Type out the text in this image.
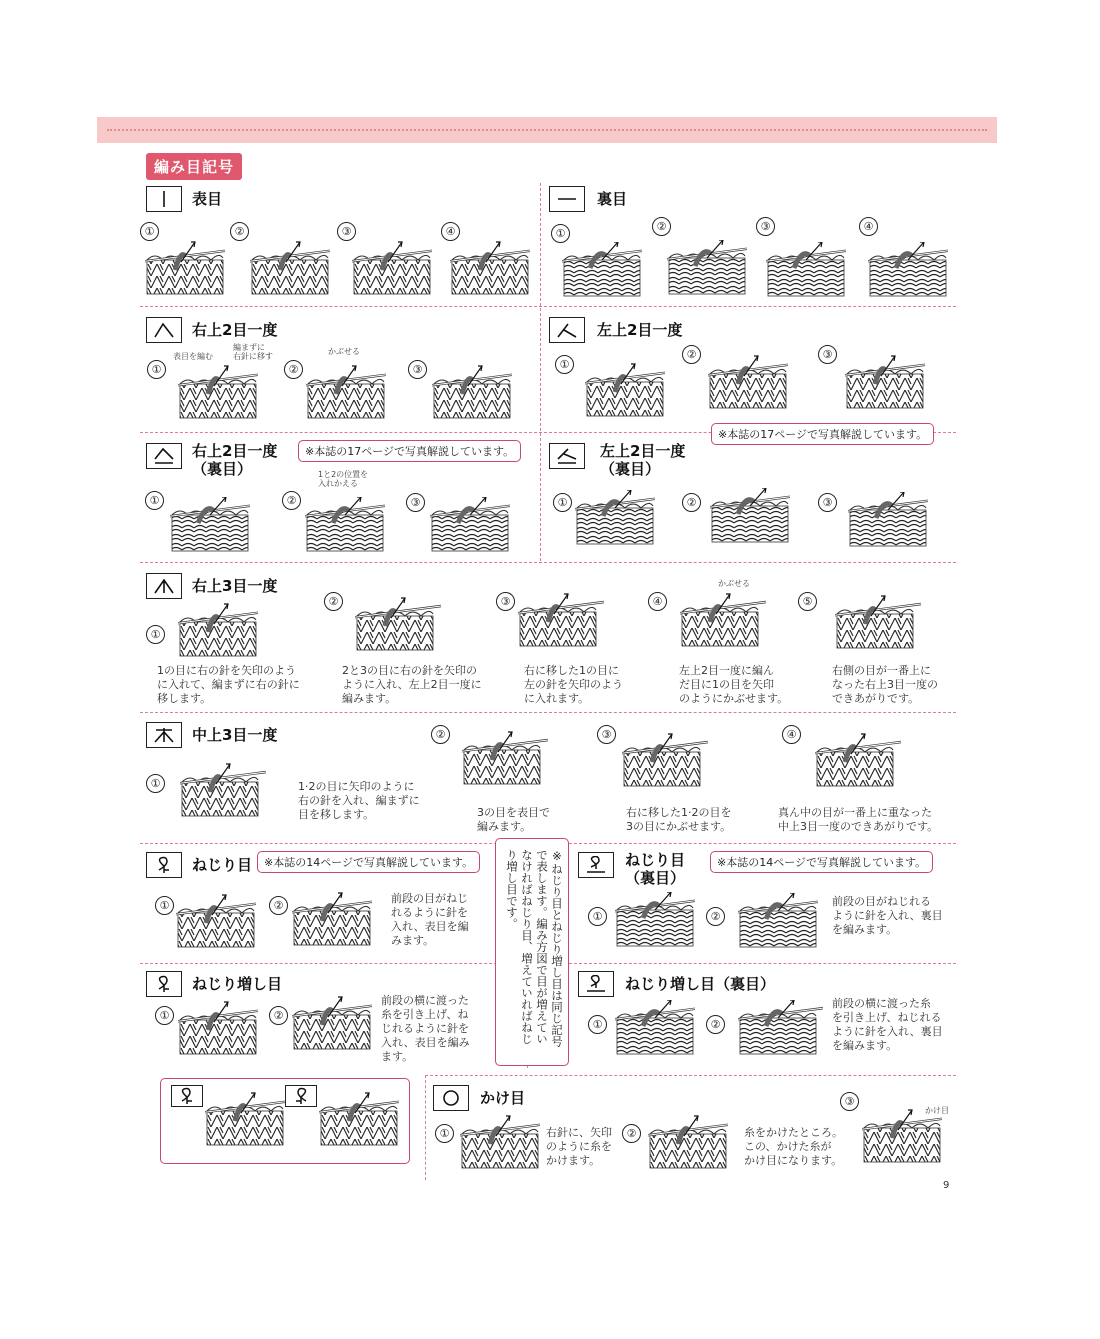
編み目記号
表目
①	②	③	④
裏目
①
②	③	④
右上2目一度
表目を編む
編まずに
右針に移す
かぶせる
①	②	③
左上2目一度
①
②	③
※本誌の17ページで写真解説しています。
右上2目一度
（裏目）
※本誌の17ページで写真解説しています。
1と2の位置を
入れかえる
①	②	③
左上2目一度
（裏目）
①	②	③
右上3目一度
①
②	③	④	⑤
かぶせる
1の目に右の針を矢印のよう
に入れて、編まずに右の針に
移します。
2と3の目に右の針を矢印の
ように入れ、左上2目一度に
編みます。
右に移した1の目に
左の針を矢印のよう
に入れます。
左上2目一度に編ん
だ目に1の目を矢印
のようにかぶせます。
右側の目が一番上に
なった右上3目一度の
できあがりです。
中上3目一度
①
②	③	④
1·2の目に矢印のように
右の針を入れ、編まずに
目を移します。	3の目を表目で
編みます。
右に移した1·2の目を
3の目にかぶせます。
真ん中の目が一番上に重なった
中上3目一度のできあがりです。
ねじり目	※本誌の14ページで写真解説しています。
①	②
前段の目がねじ
れるように針を
入れ、表目を編
みます。
ねじり目
（裏目）
※本誌の14ページで写真解説しています。
①	②
前段の目がねじれる
ように針を入れ、裏目
を編みます。
※ねじり目とねじり増し目は同じ記号で表します。編み方図で目が増えていなければねじり目、増えていればねじり増し目です。
ねじり増し目
①	②
前段の横に渡った
糸を引き上げ、ね
じれるように針を
入れ、表目を編み
ます。
ねじり増し目（裏目）
①	②
前段の横に渡った糸
を引き上げ、ねじれる
ように針を入れ、裏目
を編みます。
かけ目
①	②
③
かけ目
右針に、矢印
のように糸を
かけます。
糸をかけたところ。
この、かけた糸が
かけ目になります。
9
